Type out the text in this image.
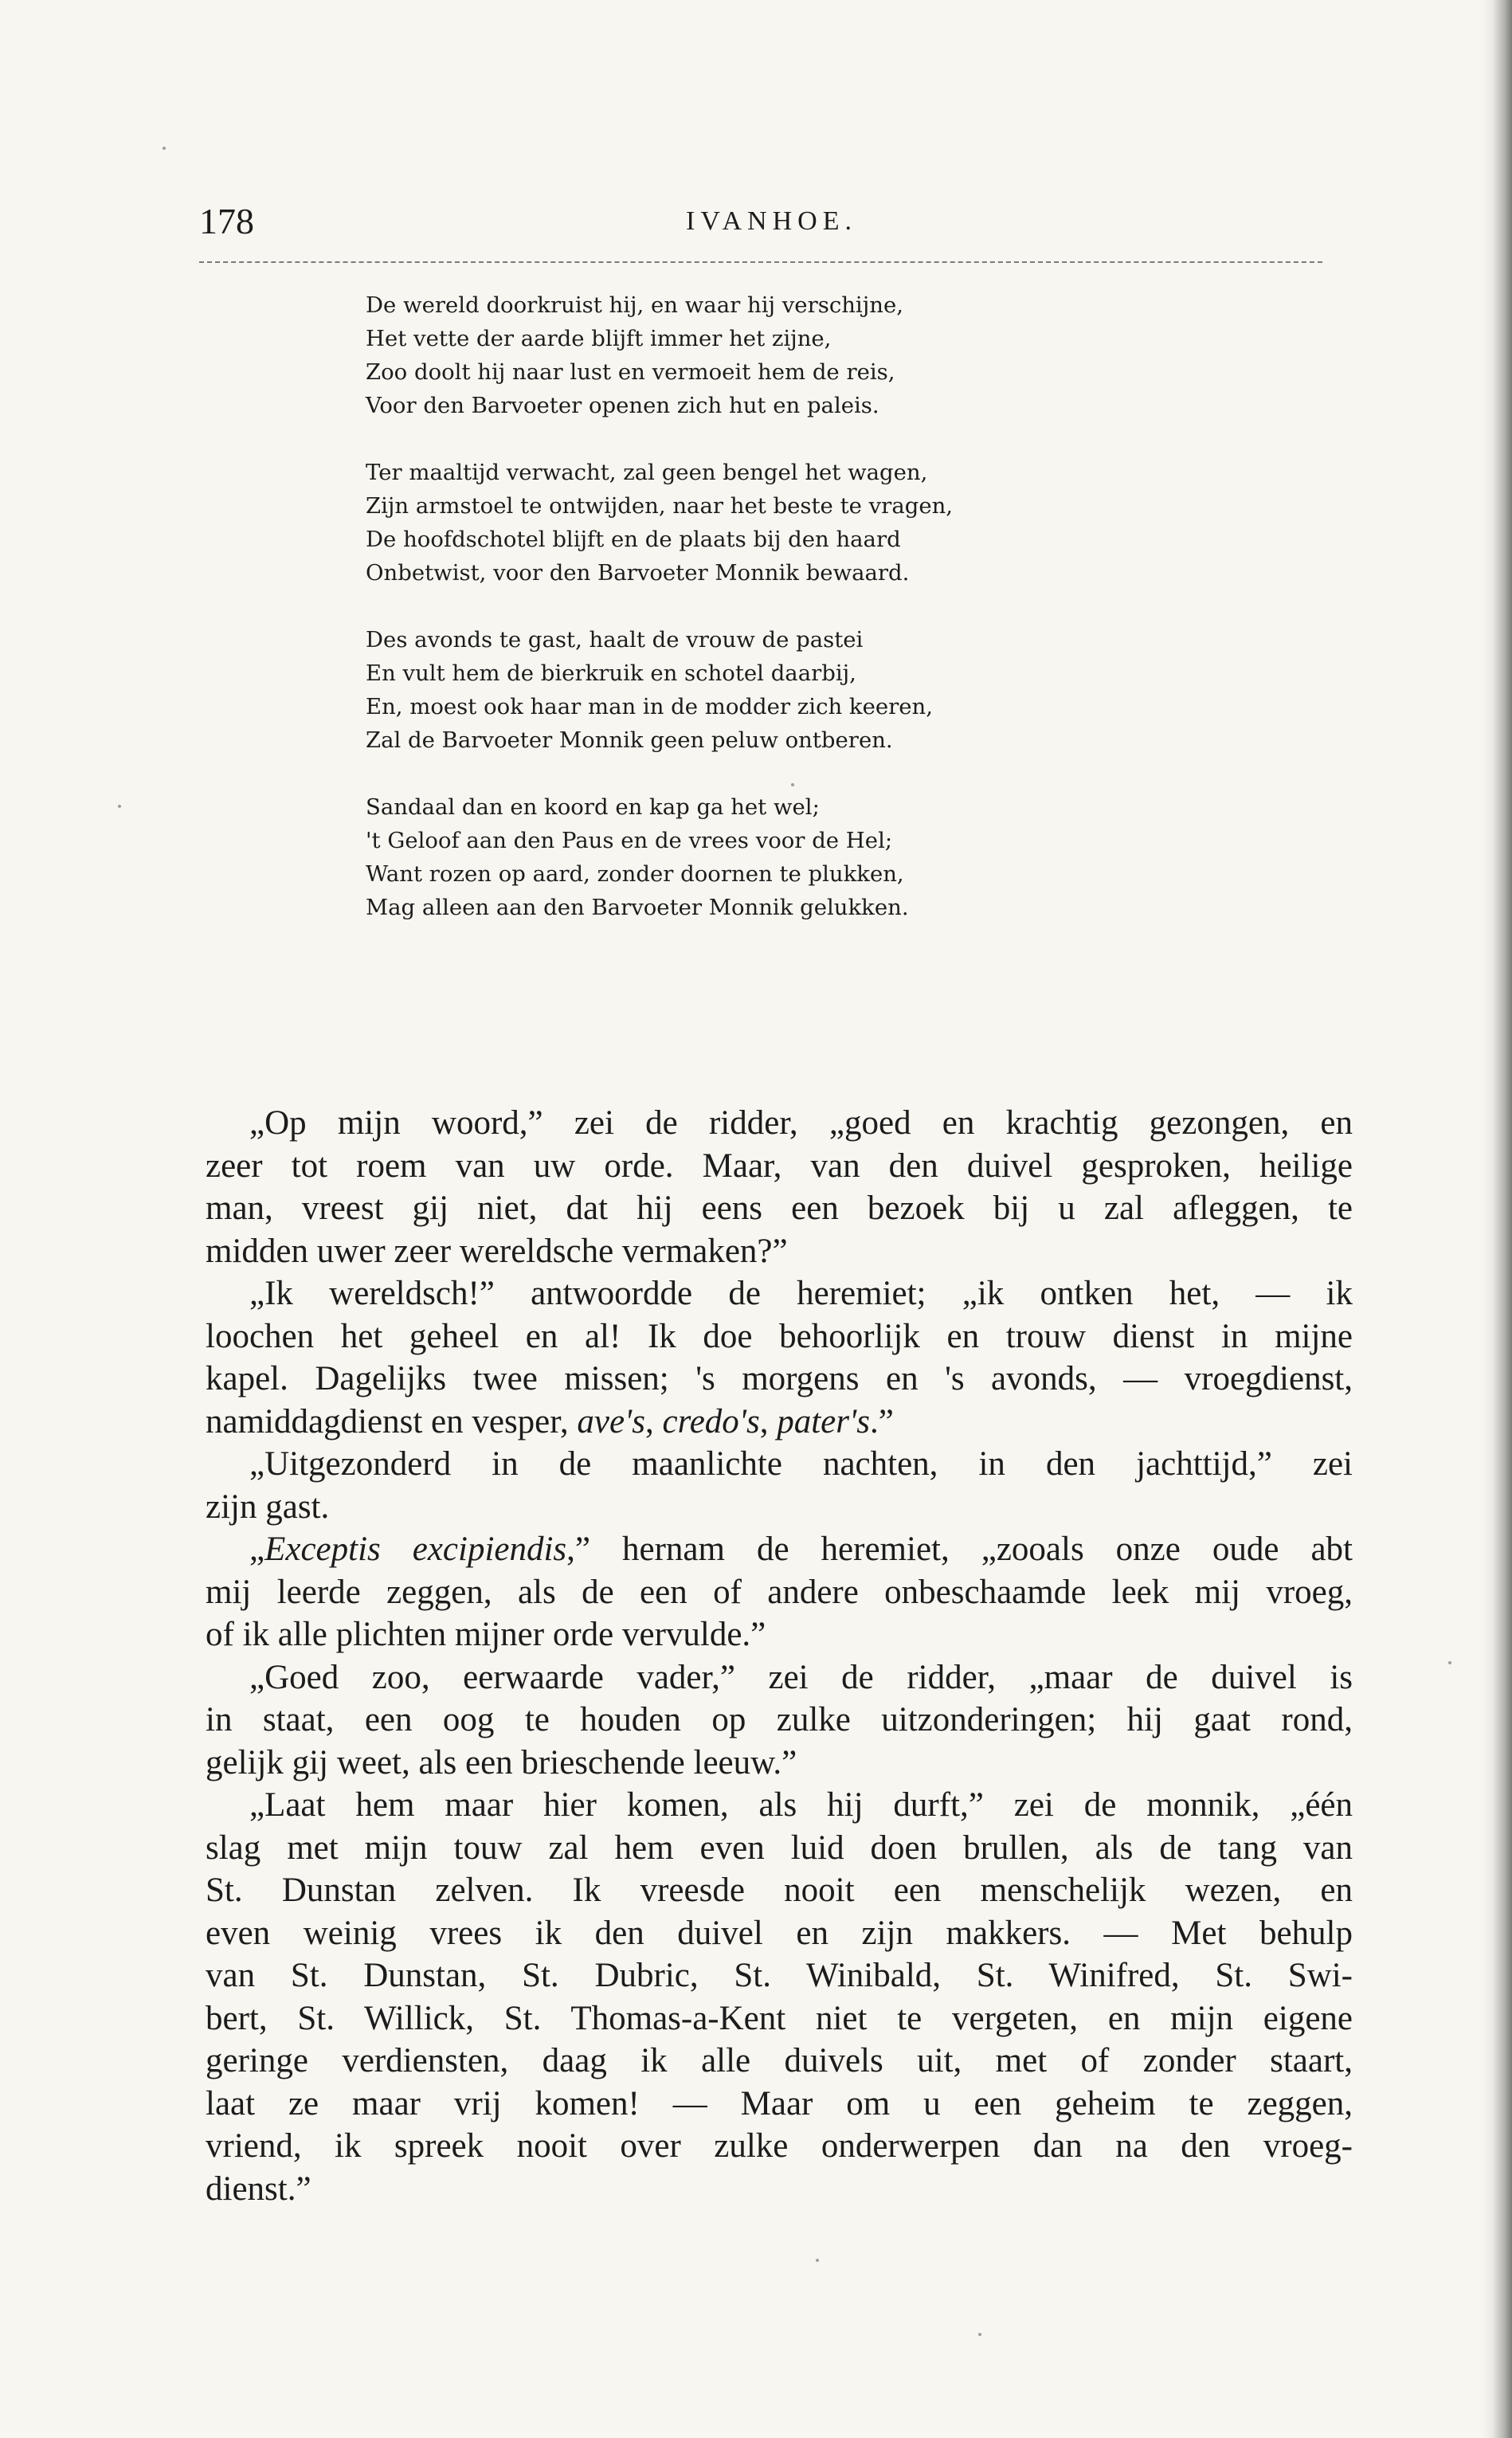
178	IVANHOE.
De wereld doorkruist hij, en waar hij verschijne,
Het vette der aarde blijft immer het zijne,
Zoo doolt hij naar lust en vermoeit hem de reis,
Voor den Barvoeter openen zich hut en paleis.
Ter maaltijd verwacht, zal geen bengel het wagen,
Zijn armstoel te ontwijden, naar het beste te vragen,
De hoofdschotel blijft en de plaats bij den haard
Onbetwist, voor den Barvoeter Monnik bewaard.
Des avonds te gast, haalt de vrouw de pastei
En vult hem de bierkruik en schotel daarbij,
En, moest ook haar man in de modder zich keeren,
Zal de Barvoeter Monnik geen peluw ontberen.
Sandaal dan en koord en kap ga het wel;
't Geloof aan den Paus en de vrees voor de Hel;
Want rozen op aard, zonder doornen te plukken,
Mag alleen aan den Barvoeter Monnik gelukken.
„Op mijn woord,” zei de ridder, „goed en krachtig gezongen, en
zeer tot roem van uw orde. Maar, van den duivel gesproken, heilige
man, vreest gij niet, dat hij eens een bezoek bij u zal afleggen, te
midden uwer zeer wereldsche vermaken?”
„Ik wereldsch!” antwoordde de heremiet; „ik ontken het, — ik
loochen het geheel en al! Ik doe behoorlijk en trouw dienst in mijne
kapel. Dagelijks twee missen; 's morgens en 's avonds, — vroegdienst,
namiddagdienst en vesper, ave's, credo's, pater's.”
„Uitgezonderd in de maanlichte nachten, in den jachttijd,” zei
zijn gast.
„Exceptis excipiendis,” hernam de heremiet, „zooals onze oude abt
mij leerde zeggen, als de een of andere onbeschaamde leek mij vroeg,
of ik alle plichten mijner orde vervulde.”
„Goed zoo, eerwaarde vader,” zei de ridder, „maar de duivel is
in staat, een oog te houden op zulke uitzonderingen; hij gaat rond,
gelijk gij weet, als een brieschende leeuw.”
„Laat hem maar hier komen, als hij durft,” zei de monnik, „één
slag met mijn touw zal hem even luid doen brullen, als de tang van
St. Dunstan zelven. Ik vreesde nooit een menschelijk wezen, en
even weinig vrees ik den duivel en zijn makkers. — Met behulp
van St. Dunstan, St. Dubric, St. Winibald, St. Winifred, St. Swi-
bert, St. Willick, St. Thomas-a-Kent niet te vergeten, en mijn eigene
geringe verdiensten, daag ik alle duivels uit, met of zonder staart,
laat ze maar vrij komen! — Maar om u een geheim te zeggen,
vriend, ik spreek nooit over zulke onderwerpen dan na den vroeg-
dienst.”
